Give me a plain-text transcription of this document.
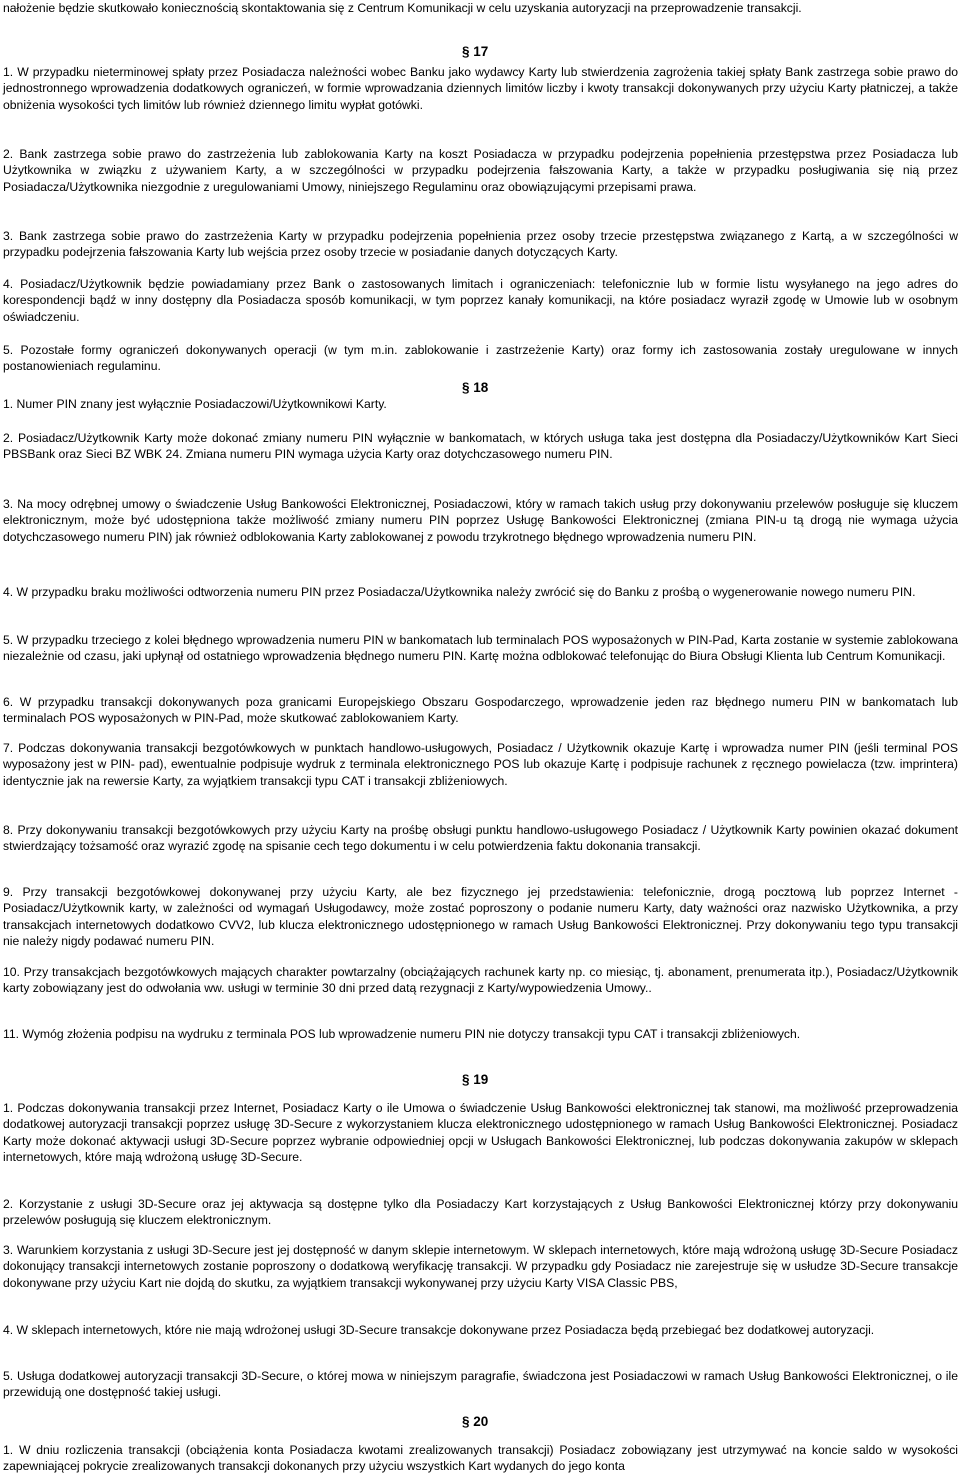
nałożenie będzie skutkowało koniecznością skontaktowania się z Centrum Komunikacji w celu uzyskania autoryzacji na przeprowadzenie transakcji.

§ 17

1. W przypadku nieterminowej spłaty przez Posiadacza należności wobec Banku jako wydawcy Karty lub stwierdzenia zagrożenia takiej spłaty Bank zastrzega sobie prawo do jednostronnego wprowadzenia dodatkowych ograniczeń, w formie wprowadzania dziennych limitów liczby i kwoty transakcji dokonywanych przy użyciu Karty płatniczej, a także obniżenia wysokości tych limitów lub również dziennego limitu wypłat gotówki.

2. Bank zastrzega sobie prawo do zastrzeżenia lub zablokowania Karty na koszt Posiadacza w przypadku podejrzenia popełnienia przestępstwa przez Posiadacza lub Użytkownika w związku z używaniem Karty, a w szczególności w przypadku podejrzenia fałszowania Karty, a także w przypadku posługiwania się nią przez Posiadacza/Użytkownika niezgodnie z uregulowaniami Umowy, niniejszego Regulaminu oraz obowiązującymi przepisami prawa.

3. Bank zastrzega sobie prawo do zastrzeżenia Karty w przypadku podejrzenia popełnienia przez osoby trzecie przestępstwa związanego z Kartą, a w szczególności w przypadku podejrzenia fałszowania Karty lub wejścia przez osoby trzecie w posiadanie danych dotyczących Karty.

4. Posiadacz/Użytkownik będzie powiadamiany przez Bank o zastosowanych limitach i ograniczeniach: telefonicznie lub w formie listu wysyłanego na jego adres do korespondencji bądź w inny dostępny dla Posiadacza sposób komunikacji, w tym poprzez kanały komunikacji, na które posiadacz wyraził zgodę w Umowie lub w osobnym oświadczeniu.

5. Pozostałe formy ograniczeń dokonywanych operacji (w tym m.in. zablokowanie i zastrzeżenie Karty) oraz formy ich zastosowania zostały uregulowane w innych postanowieniach regulaminu.

§ 18

1. Numer PIN znany jest wyłącznie Posiadaczowi/Użytkownikowi Karty.

2. Posiadacz/Użytkownik Karty może dokonać zmiany numeru PIN wyłącznie w bankomatach, w których usługa taka jest dostępna dla Posiadaczy/Użytkowników Kart Sieci PBSBank oraz Sieci BZ WBK 24. Zmiana numeru PIN wymaga użycia Karty oraz dotychczasowego numeru PIN.

3. Na mocy odrębnej umowy o świadczenie Usług Bankowości Elektronicznej, Posiadaczowi, który w ramach takich usług przy dokonywaniu przelewów posługuje się kluczem elektronicznym, może być udostępniona także możliwość zmiany numeru PIN poprzez Usługę Bankowości Elektronicznej (zmiana PIN-u tą drogą nie wymaga użycia dotychczasowego numeru PIN) jak również odblokowania Karty zablokowanej z powodu trzykrotnego błędnego wprowadzenia numeru PIN.

4. W przypadku braku możliwości odtworzenia numeru PIN przez Posiadacza/Użytkownika należy zwrócić się do Banku z prośbą o wygenerowanie nowego numeru PIN.

5. W przypadku trzeciego z kolei błędnego wprowadzenia numeru PIN w bankomatach lub terminalach POS wyposażonych w PIN-Pad, Karta zostanie w systemie zablokowana niezależnie od czasu, jaki upłynął od ostatniego wprowadzenia błędnego numeru PIN. Kartę można odblokować telefonując do Biura Obsługi Klienta lub Centrum Komunikacji.

6. W przypadku transakcji dokonywanych poza granicami Europejskiego Obszaru Gospodarczego, wprowadzenie jeden raz błędnego numeru PIN w bankomatach lub terminalach POS wyposażonych w PIN-Pad, może skutkować zablokowaniem Karty.

7. Podczas dokonywania transakcji bezgotówkowych w punktach handlowo-usługowych, Posiadacz / Użytkownik okazuje Kartę i wprowadza numer PIN (jeśli terminal POS wyposażony jest w PIN- pad), ewentualnie podpisuje wydruk z terminala elektronicznego POS lub okazuje Kartę i podpisuje rachunek z ręcznego powielacza (tzw. imprintera) identycznie jak na rewersie Karty, za wyjątkiem transakcji typu CAT i transakcji zbliżeniowych.

8. Przy dokonywaniu transakcji bezgotówkowych przy użyciu Karty na prośbę obsługi punktu handlowo-usługowego Posiadacz / Użytkownik Karty powinien okazać dokument stwierdzający tożsamość oraz wyrazić zgodę na spisanie cech tego dokumentu i w celu potwierdzenia faktu dokonania transakcji.

9. Przy transakcji bezgotówkowej dokonywanej przy użyciu Karty, ale bez fizycznego jej przedstawienia: telefonicznie, drogą pocztową lub poprzez Internet - Posiadacz/Użytkownik karty, w zależności od wymagań Usługodawcy, może zostać poproszony o podanie numeru Karty, daty ważności oraz nazwisko Użytkownika, a przy transakcjach internetowych dodatkowo CVV2, lub klucza elektronicznego udostępnionego w ramach Usług Bankowości Elektronicznej. Przy dokonywaniu tego typu transakcji nie należy nigdy podawać numeru PIN.

10. Przy transakcjach bezgotówkowych mających charakter powtarzalny (obciążających rachunek karty np. co miesiąc, tj. abonament, prenumerata itp.), Posiadacz/Użytkownik karty zobowiązany jest do odwołania ww. usługi w terminie 30 dni przed datą rezygnacji z Karty/wypowiedzenia Umowy..

11. Wymóg złożenia podpisu na wydruku z terminala POS lub wprowadzenie numeru PIN nie dotyczy transakcji typu CAT i transakcji zbliżeniowych.

§ 19

1. Podczas dokonywania transakcji przez Internet, Posiadacz Karty o ile Umowa o świadczenie Usług Bankowości elektronicznej tak stanowi, ma możliwość przeprowadzenia dodatkowej autoryzacji transakcji poprzez usługę 3D-Secure z wykorzystaniem klucza elektronicznego udostępnionego w ramach Usług Bankowości Elektronicznej. Posiadacz Karty może dokonać aktywacji usługi 3D-Secure poprzez wybranie odpowiedniej opcji w Usługach Bankowości Elektronicznej, lub podczas dokonywania zakupów w sklepach internetowych, które mają wdrożoną usługę 3D-Secure.

2. Korzystanie z usługi 3D-Secure oraz jej aktywacja są dostępne tylko dla Posiadaczy Kart korzystających z Usług Bankowości Elektronicznej którzy przy dokonywaniu przelewów posługują się kluczem elektronicznym.

3. Warunkiem korzystania z usługi 3D-Secure jest jej dostępność w danym sklepie internetowym. W sklepach internetowych, które mają wdrożoną usługę 3D-Secure Posiadacz dokonujący transakcji internetowych zostanie poproszony o dodatkową weryfikację transakcji. W przypadku gdy Posiadacz nie zarejestruje się w usłudze 3D-Secure transakcje dokonywane przy użyciu Kart nie dojdą do skutku, za wyjątkiem transakcji wykonywanej przy użyciu Karty VISA Classic PBS,

4. W sklepach internetowych, które nie mają wdrożonej usługi 3D-Secure transakcje dokonywane przez Posiadacza będą przebiegać bez dodatkowej autoryzacji.

5. Usługa dodatkowej autoryzacji transakcji 3D-Secure, o której mowa w niniejszym paragrafie, świadczona jest Posiadaczowi w ramach Usług Bankowości Elektronicznej, o ile przewidują one dostępność takiej usługi.

§ 20

1. W dniu rozliczenia transakcji (obciążenia konta Posiadacza kwotami zrealizowanych transakcji) Posiadacz zobowiązany jest utrzymywać na koncie saldo w wysokości zapewniającej pokrycie zrealizowanych transakcji dokonanych przy użyciu wszystkich Kart wydanych do jego konta
